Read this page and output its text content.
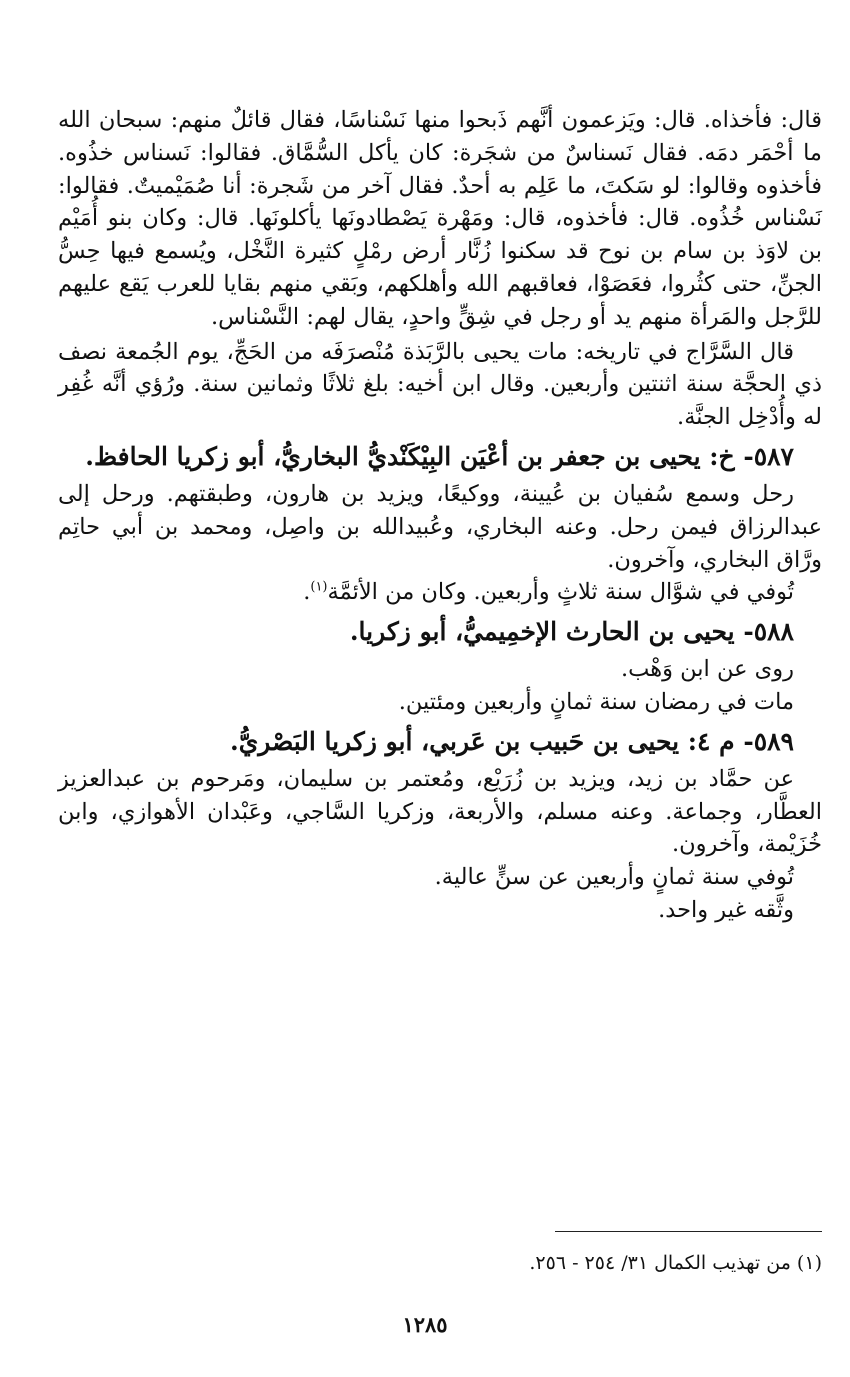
قال: فأخذاه. قال: ويَزعمون أنَّهم ذَبحوا منها نَسْناسًا، فقال قائلٌ منهم: سبحان الله ما أحْمَر دمَه. فقال نَسناسٌ من شجَرة: كان يأكل السُّمَّاق. فقالوا: نَسناس خذُوه. فأخذوه وقالوا: لو سَكتَ، ما عَلِم به أحدٌ. فقال آخر من شَجرة: أنا صُمَيْميتٌ. فقالوا: نَسْناس خُذُوه. قال: فأخذوه، قال: ومَهْرة يَصْطادونَها يأكلونَها. قال: وكان بنو أُمَيْم بن لاوَذ بن سام بن نوح قد سكنوا زُنَّار أرض رمْلٍ كثيرة النَّخْل، ويُسمع فيها حِسُّ الجنِّ، حتى كثُروا، فعَصَوْا، فعاقبهم الله وأهلكهم، وبَقي منهم بقايا للعرب يَقع عليهم للرَّجل والمَرأة منهم يد أو رجل في شِقٍّ واحدٍ، يقال لهم: النَّسْناس.

قال السَّرَّاج في تاريخه: مات يحيى بالرَّبَذة مُنْصرَفَه من الحَجِّ، يوم الجُمعة نصف ذي الحجَّة سنة اثنتين وأربعين. وقال ابن أخيه: بلغ ثلاثًا وثمانين سنة. ورُؤي أنَّه غُفِر له وأُدْخِل الجنَّة.

٥٨٧- خ: يحيى بن جعفر بن أعْيَن البِيْكَنْديُّ البخاريُّ، أبو زكريا الحافظ.

رحل وسمع سُفيان بن عُيينة، ووكيعًا، ويزيد بن هارون، وطبقتهم. ورحل إلى عبدالرزاق فيمن رحل. وعنه البخاري، وعُبيدالله بن واصِل، ومحمد بن أبي حاتِم ورَّاق البخاري، وآخرون.

تُوفي في شوَّال سنة ثلاثٍ وأربعين. وكان من الأئمَّة$^{(١)}$.

٥٨٨- يحيى بن الحارث الإخمِيميُّ، أبو زكريا.

روى عن ابن وَهْب.

مات في رمضان سنة ثمانٍ وأربعين ومئتين.

٥٨٩- م ٤: يحيى بن حَبيب بن عَربي، أبو زكريا البَصْريُّ.

عن حمَّاد بن زيد، ويزيد بن زُرَيْع، ومُعتمر بن سليمان، ومَرحوم بن عبدالعزيز العطَّار، وجماعة. وعنه مسلم، والأربعة، وزكريا السَّاجي، وعَبْدان الأهوازي، وابن خُزَيْمة، وآخرون.

تُوفي سنة ثمانٍ وأربعين عن سنٍّ عالية.

وثَّقه غير واحد.

(١) من تهذيب الكمال ٣١/ ٢٥٤ - ٢٥٦.
١٢٨٥
